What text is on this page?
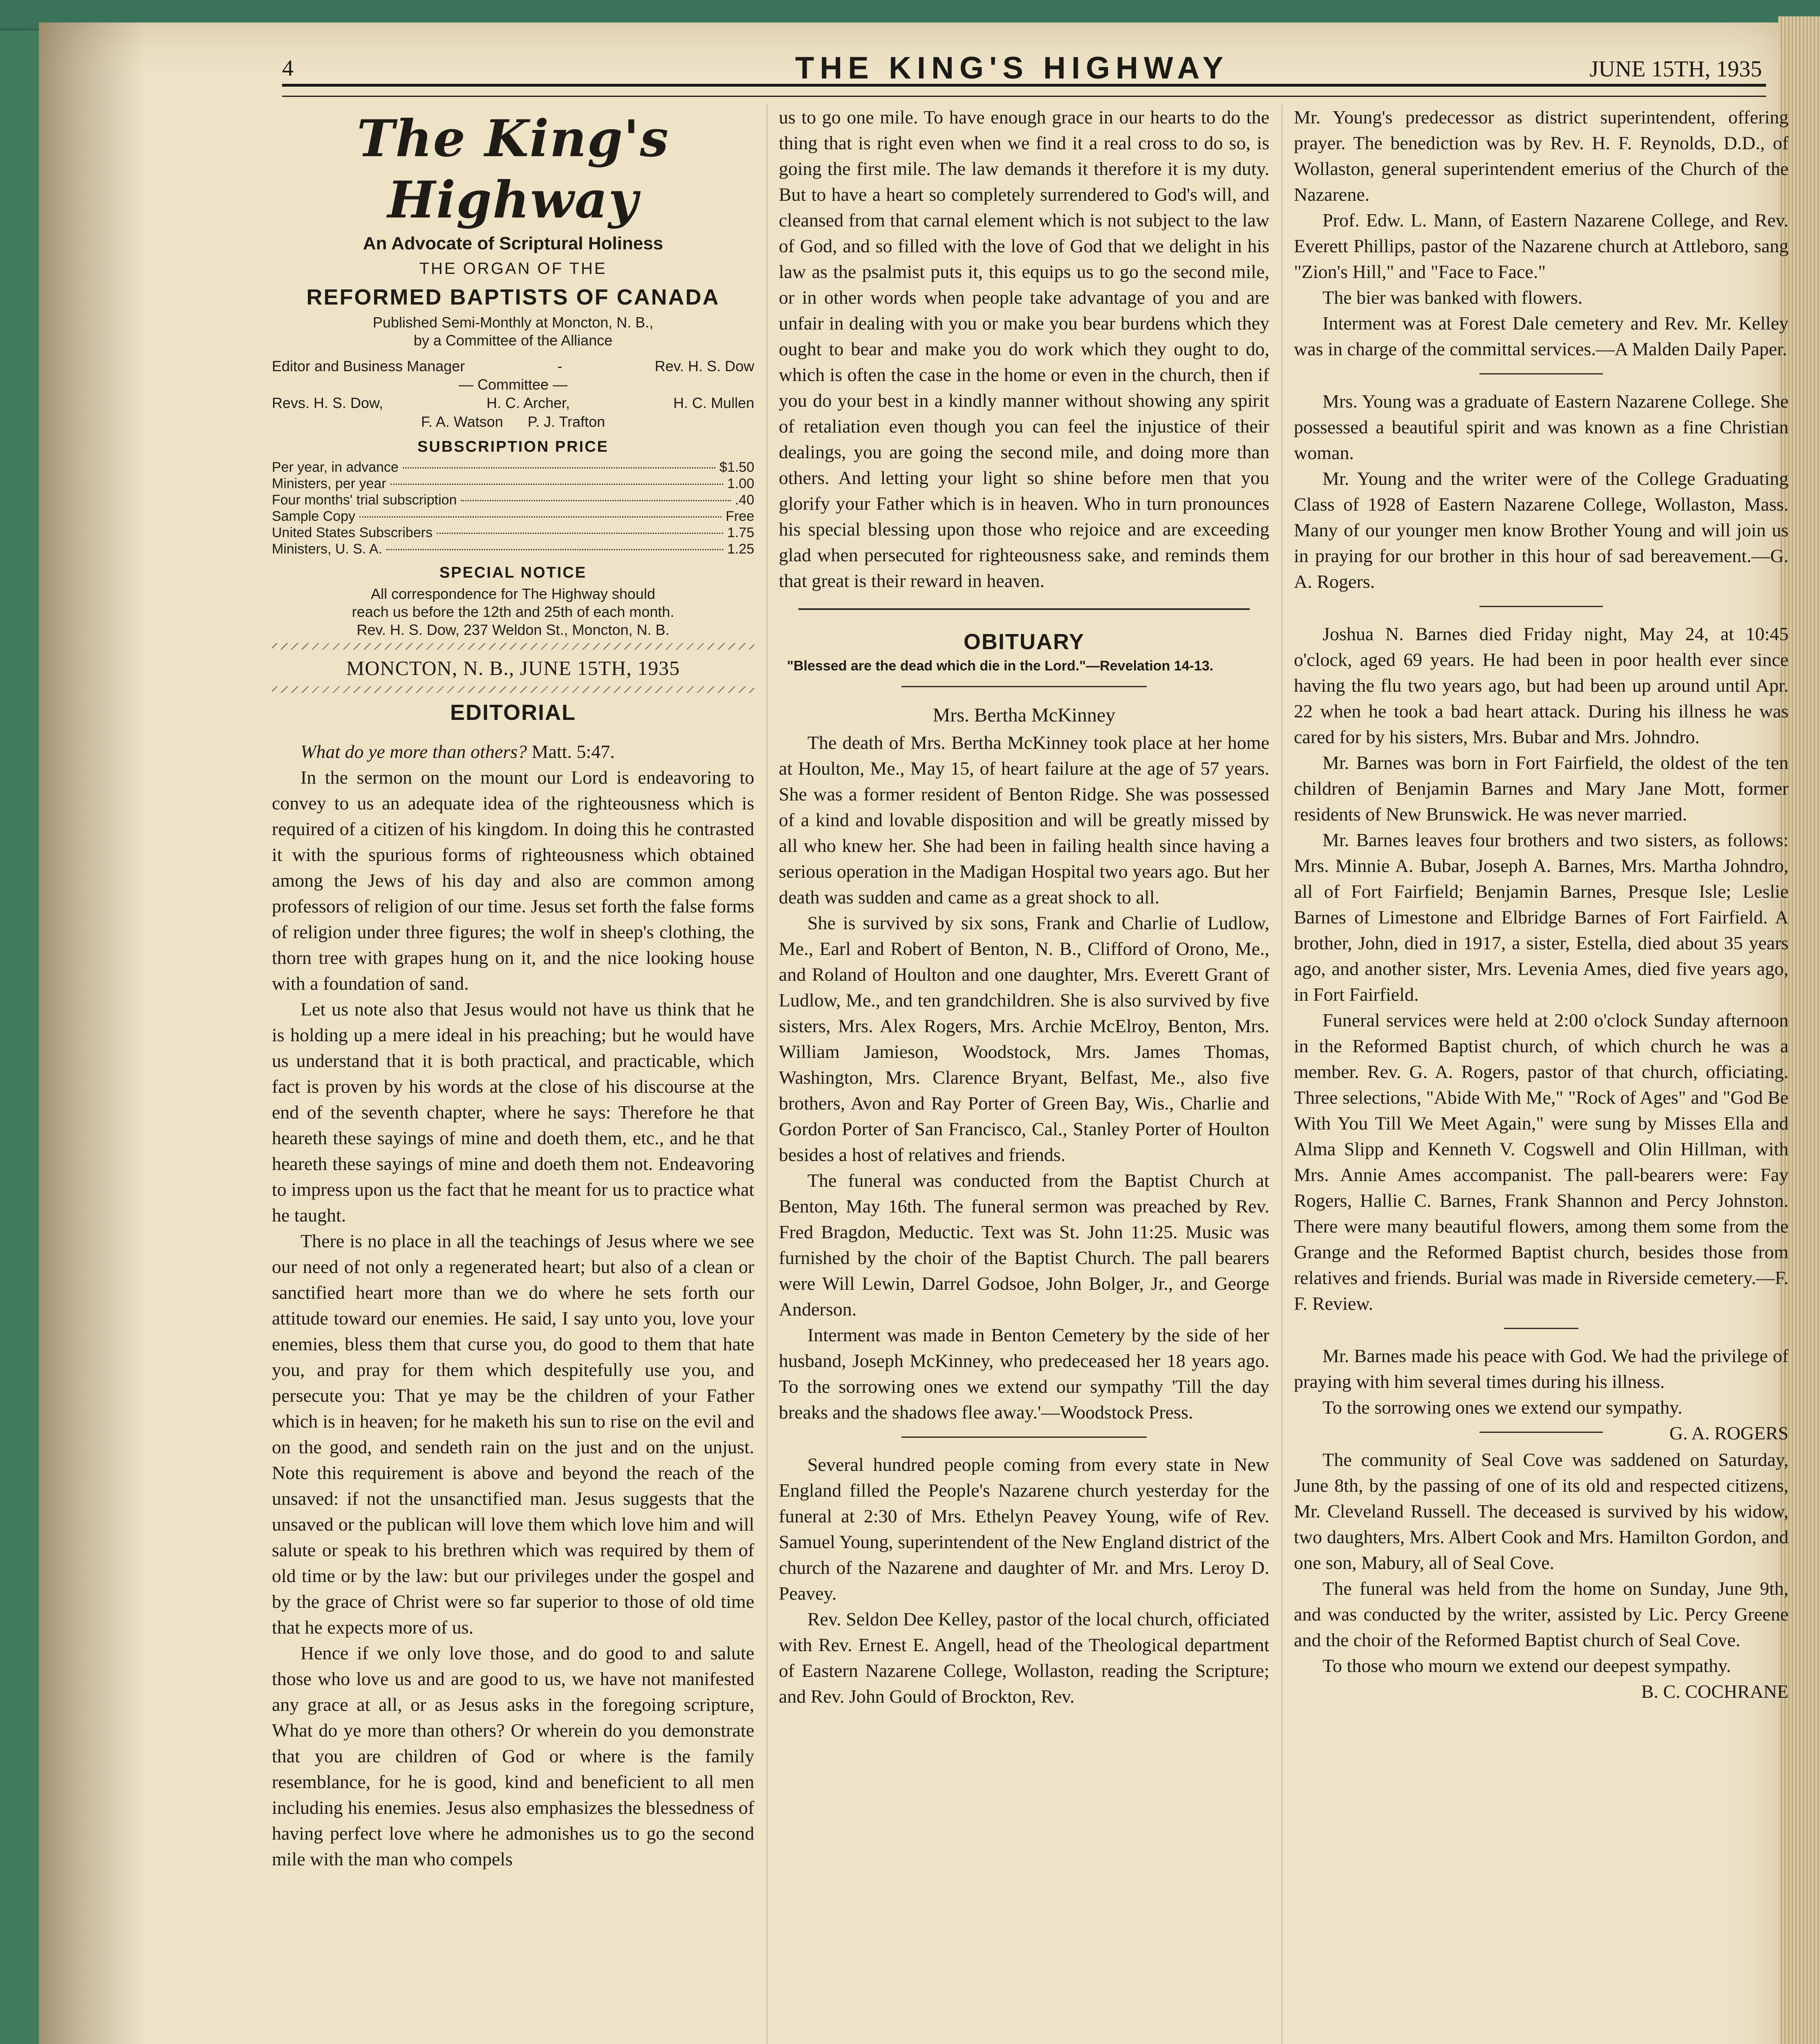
4	THE KING'S HIGHWAY	JUNE 15TH, 1935
The King's Highway
An Advocate of Scriptural Holiness
THE ORGAN OF THE
REFORMED BAPTISTS OF CANADA
Published Semi-Monthly at Moncton, N. B.,
by a Committee of the Alliance
Editor and Business Manager	-	Rev. H. S. Dow
— Committee —
Revs. H. S. Dow,	H. C. Archer,	H. C. Mullen
F. A. Watson P. J. Trafton
SUBSCRIPTION PRICE
Per year, in advance	$1.50
Ministers, per year	1.00
Four months' trial subscription	.40
Sample Copy	Free
United States Subscribers	1.75
Ministers, U. S. A.	1.25
SPECIAL NOTICE
All correspondence for The Highway should
reach us before the 12th and 25th of each month.
Rev. H. S. Dow, 237 Weldon St., Moncton, N. B.
MONCTON, N. B., JUNE 15TH, 1935
EDITORIAL

What do ye more than others? Matt. 5:47.

In the sermon on the mount our Lord is endeavoring to convey to us an adequate idea of the righteousness which is required of a citizen of his kingdom. In doing this he contrasted it with the spurious forms of righteousness which obtained among the Jews of his day and also are common among professors of religion of our time. Jesus set forth the false forms of religion under three figures; the wolf in sheep's clothing, the thorn tree with grapes hung on it, and the nice looking house with a foundation of sand.

Let us note also that Jesus would not have us think that he is holding up a mere ideal in his preaching; but he would have us understand that it is both practical, and practicable, which fact is proven by his words at the close of his discourse at the end of the seventh chapter, where he says: Therefore he that heareth these sayings of mine and doeth them, etc., and he that heareth these sayings of mine and doeth them not. Endeavoring to impress upon us the fact that he meant for us to practice what he taught.

There is no place in all the teachings of Jesus where we see our need of not only a regenerated heart; but also of a clean or sanctified heart more than we do where he sets forth our attitude toward our enemies. He said, I say unto you, love your enemies, bless them that curse you, do good to them that hate you, and pray for them which despitefully use you, and persecute you: That ye may be the children of your Father which is in heaven; for he maketh his sun to rise on the evil and on the good, and sendeth rain on the just and on the unjust. Note this requirement is above and beyond the reach of the unsaved: if not the unsanctified man. Jesus suggests that the unsaved or the publican will love them which love him and will salute or speak to his brethren which was required by them of old time or by the law: but our privileges under the gospel and by the grace of Christ were so far superior to those of old time that he expects more of us.

Hence if we only love those, and do good to and salute those who love us and are good to us, we have not manifested any grace at all, or as Jesus asks in the foregoing scripture, What do ye more than others? Or wherein do you demonstrate that you are children of God or where is the family resemblance, for he is good, kind and beneficient to all men including his enemies. Jesus also emphasizes the blessedness of having perfect love where he admonishes us to go the second mile with the man who compels

us to go one mile. To have enough grace in our hearts to do the thing that is right even when we find it a real cross to do so, is going the first mile. The law demands it therefore it is my duty. But to have a heart so completely surrendered to God's will, and cleansed from that carnal element which is not subject to the law of God, and so filled with the love of God that we delight in his law as the psalmist puts it, this equips us to go the second mile, or in other words when people take advantage of you and are unfair in dealing with you or make you bear burdens which they ought to bear and make you do work which they ought to do, which is often the case in the home or even in the church, then if you do your best in a kindly manner without showing any spirit of retaliation even though you can feel the injustice of their dealings, you are going the second mile, and doing more than others. And letting your light so shine before men that you glorify your Father which is in heaven. Who in turn pronounces his special blessing upon those who rejoice and are exceeding glad when persecuted for righteousness sake, and reminds them that great is their reward in heaven.

OBITUARY
"Blessed are the dead which die in the Lord."—Revelation 14-13.
Mrs. Bertha McKinney

The death of Mrs. Bertha McKinney took place at her home at Houlton, Me., May 15, of heart failure at the age of 57 years. She was a former resident of Benton Ridge. She was possessed of a kind and lovable disposition and will be greatly missed by all who knew her. She had been in failing health since having a serious operation in the Madigan Hospital two years ago. But her death was sudden and came as a great shock to all.

She is survived by six sons, Frank and Charlie of Ludlow, Me., Earl and Robert of Benton, N. B., Clifford of Orono, Me., and Roland of Houlton and one daughter, Mrs. Everett Grant of Ludlow, Me., and ten grandchildren. She is also survived by five sisters, Mrs. Alex Rogers, Mrs. Archie McElroy, Benton, Mrs. William Jamieson, Woodstock, Mrs. James Thomas, Washington, Mrs. Clarence Bryant, Belfast, Me., also five brothers, Avon and Ray Porter of Green Bay, Wis., Charlie and Gordon Porter of San Francisco, Cal., Stanley Porter of Houlton besides a host of relatives and friends.

The funeral was conducted from the Baptist Church at Benton, May 16th. The funeral sermon was preached by Rev. Fred Bragdon, Meductic. Text was St. John 11:25. Music was furnished by the choir of the Baptist Church. The pall bearers were Will Lewin, Darrel Godsoe, John Bolger, Jr., and George Anderson.

Interment was made in Benton Cemetery by the side of her husband, Joseph McKinney, who predeceased her 18 years ago. To the sorrowing ones we extend our sympathy 'Till the day breaks and the shadows flee away.'—Woodstock Press.

Several hundred people coming from every state in New England filled the People's Nazarene church yesterday for the funeral at 2:30 of Mrs. Ethelyn Peavey Young, wife of Rev. Samuel Young, superintendent of the New England district of the church of the Nazarene and daughter of Mr. and Mrs. Leroy D. Peavey.

Rev. Seldon Dee Kelley, pastor of the local church, officiated with Rev. Ernest E. Angell, head of the Theological department of Eastern Nazarene College, Wollaston, reading the Scripture; and Rev. John Gould of Brockton, Rev.

Mr. Young's predecessor as district superintendent, offering prayer. The benediction was by Rev. H. F. Reynolds, D.D., of Wollaston, general superintendent emerius of the Church of the Nazarene.

Prof. Edw. L. Mann, of Eastern Nazarene College, and Rev. Everett Phillips, pastor of the Nazarene church at Attleboro, sang "Zion's Hill," and "Face to Face."

The bier was banked with flowers.

Interment was at Forest Dale cemetery and Rev. Mr. Kelley was in charge of the committal services.—A Malden Daily Paper.

Mrs. Young was a graduate of Eastern Nazarene College. She possessed a beautiful spirit and was known as a fine Christian woman.

Mr. Young and the writer were of the College Graduating Class of 1928 of Eastern Nazarene College, Wollaston, Mass. Many of our younger men know Brother Young and will join us in praying for our brother in this hour of sad bereavement.—G. A. Rogers.

Joshua N. Barnes died Friday night, May 24, at 10:45 o'clock, aged 69 years. He had been in poor health ever since having the flu two years ago, but had been up around until Apr. 22 when he took a bad heart attack. During his illness he was cared for by his sisters, Mrs. Bubar and Mrs. Johndro.

Mr. Barnes was born in Fort Fairfield, the oldest of the ten children of Benjamin Barnes and Mary Jane Mott, former residents of New Brunswick. He was never married.

Mr. Barnes leaves four brothers and two sisters, as follows: Mrs. Minnie A. Bubar, Joseph A. Barnes, Mrs. Martha Johndro, all of Fort Fairfield; Benjamin Barnes, Presque Isle; Leslie Barnes of Limestone and Elbridge Barnes of Fort Fairfield. A brother, John, died in 1917, a sister, Estella, died about 35 years ago, and another sister, Mrs. Levenia Ames, died five years ago, in Fort Fairfield.

Funeral services were held at 2:00 o'clock Sunday afternoon in the Reformed Baptist church, of which church he was a member. Rev. G. A. Rogers, pastor of that church, officiating. Three selections, "Abide With Me," "Rock of Ages" and "God Be With You Till We Meet Again," were sung by Misses Ella and Alma Slipp and Kenneth V. Cogswell and Olin Hillman, with Mrs. Annie Ames accompanist. The pall-bearers were: Fay Rogers, Hallie C. Barnes, Frank Shannon and Percy Johnston. There were many beautiful flowers, among them some from the Grange and the Reformed Baptist church, besides those from relatives and friends. Burial was made in Riverside cemetery.—F. F. Review.

Mr. Barnes made his peace with God. We had the privilege of praying with him several times during his illness.

To the sorrowing ones we extend our sympathy.
G. A. ROGERS

The community of Seal Cove was saddened on Saturday, June 8th, by the passing of one of its old and respected citizens, Mr. Cleveland Russell. The deceased is survived by his widow, two daughters, Mrs. Albert Cook and Mrs. Hamilton Gordon, and one son, Mabury, all of Seal Cove.

The funeral was held from the home on Sunday, June 9th, and was conducted by the writer, assisted by Lic. Percy Greene and the choir of the Reformed Baptist church of Seal Cove.

To those who mourn we extend our deepest sympathy.
B. C. COCHRANE
